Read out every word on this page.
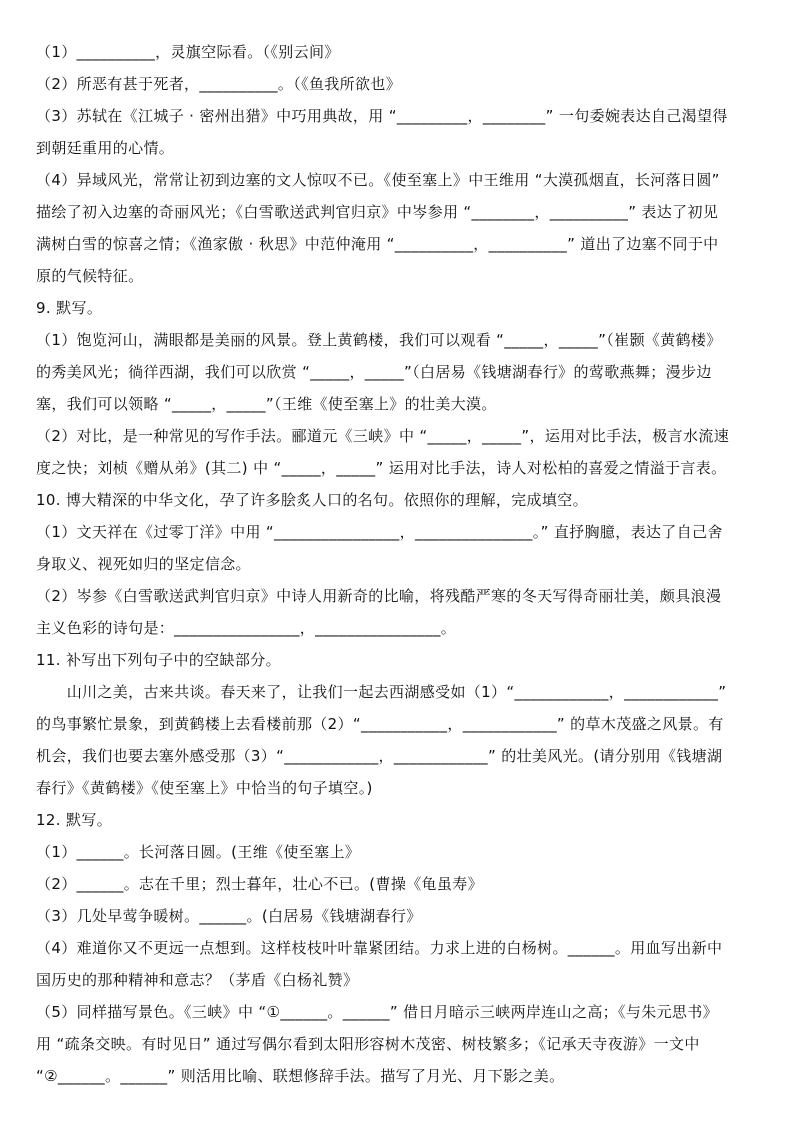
（1）__________，灵旗空际看。（《别云间》
（2）所恶有甚于死者，__________。（《鱼我所欲也》
（3）苏轼在《江城子 · 密州出猎》中巧用典故，用 “_________，________” 一句委婉表达自己渴望得
到朝廷重用的心情。
（4）异域风光，常常让初到边塞的文人惊叹不已。《使至塞上》中王维用 “大漠孤烟直，长河落日圆”
描绘了初入边塞的奇丽风光；《白雪歌送武判官归京》中岑参用 “________，__________” 表达了初见
满树白雪的惊喜之情；《渔家傲 · 秋思》中范仲淹用 “__________，__________” 道出了边塞不同于中
原的气候特征。
9. 默写。
（1）饱览河山，满眼都是美丽的风景。登上黄鹤楼，我们可以观看 “_____，_____”（崔颢《黄鹤楼》
的秀美风光；徜徉西湖，我们可以欣赏 “_____，_____”（白居易《钱塘湖春行》的莺歌燕舞；漫步边
塞，我们可以领略 “_____，_____”（王维《使至塞上》的壮美大漠。
（2）对比，是一种常见的写作手法。郦道元《三峡》中 “_____，_____”，运用对比手法，极言水流速
度之快；刘桢《赠从弟》(其二) 中 “_____，_____” 运用对比手法，诗人对松柏的喜爱之情溢于言表。
10. 博大精深的中华文化，孕了许多脍炙人口的名句。依照你的理解，完成填空。
（1）文天祥在《过零丁洋》中用 “________________，_______________。” 直抒胸臆，表达了自己舍
身取义、视死如归的坚定信念。
（2）岑参《白雪歌送武判官归京》中诗人用新奇的比喻，将残酷严寒的冬天写得奇丽壮美，颇具浪漫
主义色彩的诗句是：________________，________________。
11. 补写出下列句子中的空缺部分。
　　山川之美，古来共谈。春天来了，让我们一起去西湖感受如（1）“____________，____________”
的鸟事繁忙景象，到黄鹤楼上去看楼前那（2）“___________，____________” 的草木茂盛之风景。有
机会，我们也要去塞外感受那（3）“____________，____________” 的壮美风光。(请分别用《钱塘湖
春行》《黄鹤楼》《使至塞上》中恰当的句子填空。)
12. 默写。
（1）______。长河落日圆。(王维《使至塞上》
（2）______。志在千里；烈士暮年，壮心不已。(曹操《龟虽寿》
（3）几处早莺争暖树。______。(白居易《钱塘湖春行》
（4）难道你又不更远一点想到。这样枝枝叶叶靠紧团结。力求上进的白杨树。______。用血写出新中
国历史的那种精神和意志？（茅盾《白杨礼赞》
（5）同样描写景色。《三峡》中 “①______。______” 借日月暗示三峡两岸连山之高；《与朱元思书》
用 “疏条交映。有时见日” 通过写偶尔看到太阳形容树木茂密、树枝繁多；《记承天寺夜游》一文中
“②______。______” 则活用比喻、联想修辞手法。描写了月光、月下影之美。
